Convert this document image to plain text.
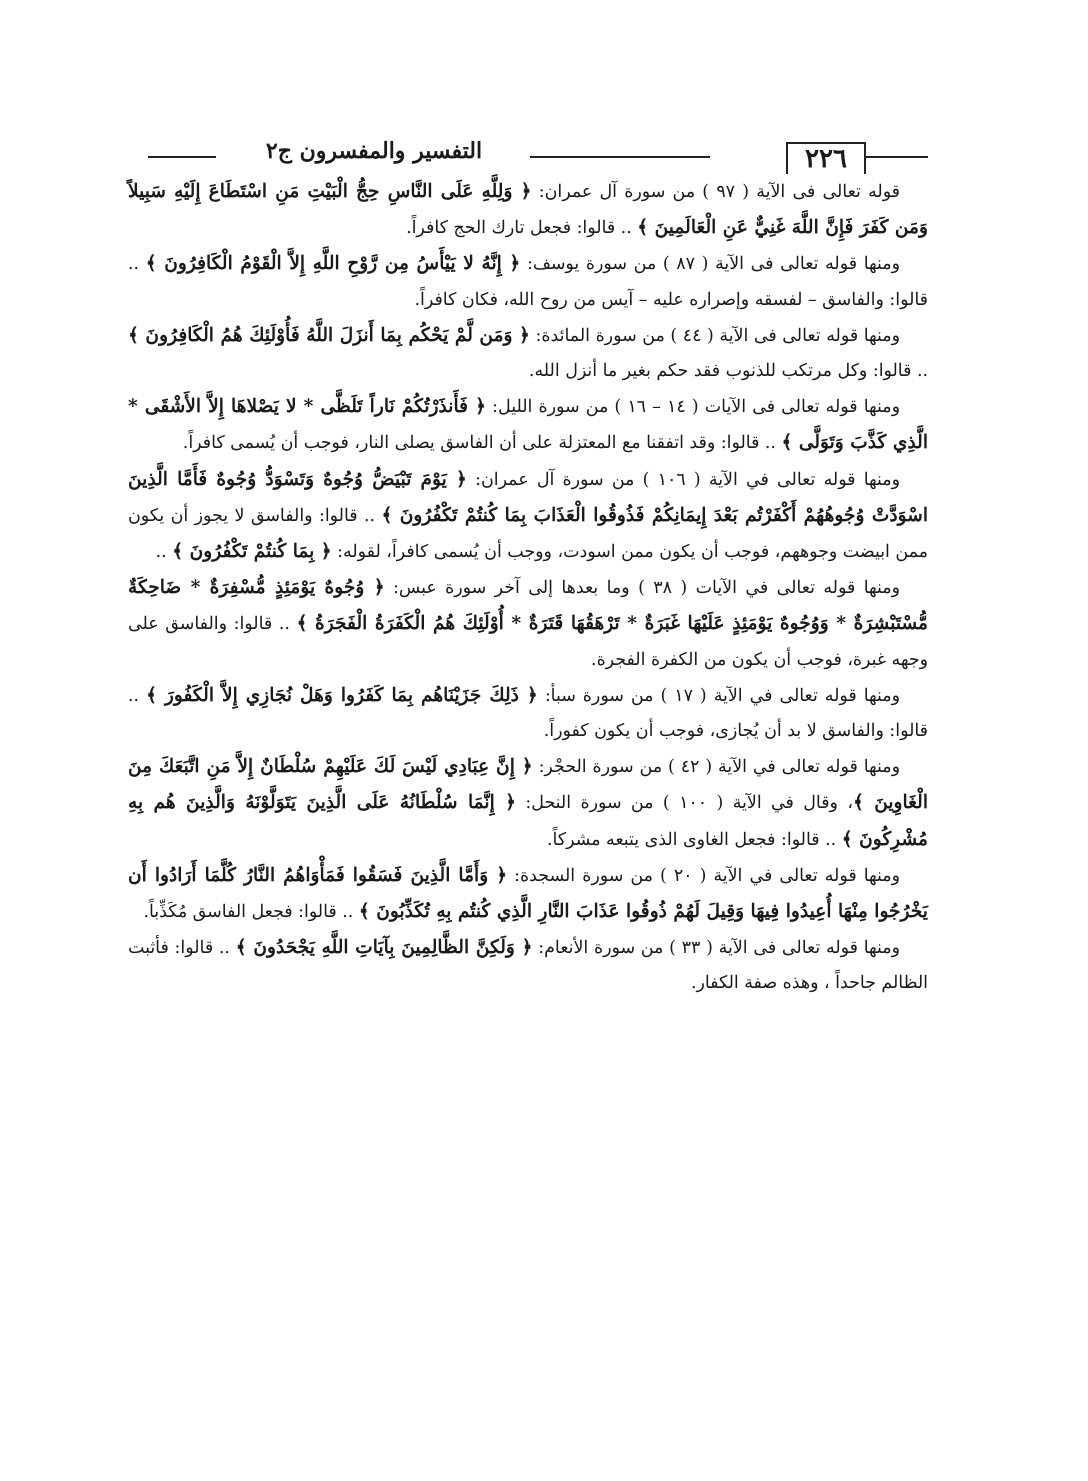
٢٢٦
التفسير والمفسرون ج٢

قوله تعالى فى الآية ( ٩٧ ) من سورة آل عمران: ﴿ وَلِلَّهِ عَلَى النَّاسِ حِجُّ الْبَيْتِ مَنِ اسْتَطَاعَ إِلَيْهِ سَبِيلاً وَمَن كَفَرَ فَإِنَّ اللَّهَ غَنِيٌّ عَنِ الْعَالَمِينَ ﴾ .. قالوا: فجعل تارك الحج كافراً.

ومنها قوله تعالى فى الآية ( ٨٧ ) من سورة يوسف: ﴿ إِنَّهُ لا يَيْأَسُ مِن رَّوْحِ اللَّهِ إِلاَّ الْقَوْمُ الْكَافِرُونَ ﴾ .. قالوا: والفاسق – لفسقه وإصراره عليه – آيس من روح الله، فكان كافراً.

ومنها قوله تعالى فى الآية ( ٤٤ ) من سورة المائدة: ﴿ وَمَن لَّمْ يَحْكُم بِمَا أَنزَلَ اللَّهُ فَأُوْلَئِكَ هُمُ الْكَافِرُونَ ﴾ .. قالوا: وكل مرتكب للذنوب فقد حكم بغير ما أنزل الله.

ومنها قوله تعالى فى الآيات ( ١٤ – ١٦ ) من سورة الليل: ﴿ فَأَنذَرْتُكُمْ نَاراً تَلَظَّى * لا يَصْلاهَا إِلاَّ الأَشْقَى * الَّذِي كَذَّبَ وَتَوَلَّى ﴾ .. قالوا: وقد اتفقنا مع المعتزلة على أن الفاسق يصلى النار، فوجب أن يُسمى كافراً.

ومنها قوله تعالى في الآية ( ١٠٦ ) من سورة آل عمران: ﴿ يَوْمَ تَبْيَضُّ وُجُوهٌ وَتَسْوَدُّ وُجُوهٌ فَأَمَّا الَّذِينَ اسْوَدَّتْ وُجُوهُهُمْ أَكْفَرْتُم بَعْدَ إِيمَانِكُمْ فَذُوقُوا الْعَذَابَ بِمَا كُنتُمْ تَكْفُرُونَ ﴾ .. قالوا: والفاسق لا يجوز أن يكون ممن ابيضت وجوههم، فوجب أن يكون ممن اسودت، ووجب أن يُسمى كافراً، لقوله: ﴿ بِمَا كُنتُمْ تَكْفُرُونَ ﴾ ..

ومنها قوله تعالى في الآيات ( ٣٨ ) وما بعدها إلى آخر سورة عبس: ﴿ وُجُوهٌ يَوْمَئِذٍ مُّسْفِرَةٌ * ضَاحِكَةٌ مُّسْتَبْشِرَةٌ * وَوُجُوهٌ يَوْمَئِذٍ عَلَيْهَا غَبَرَةٌ * تَرْهَقُهَا قَتَرَةٌ * أُوْلَئِكَ هُمُ الْكَفَرَةُ الْفَجَرَةُ ﴾ .. قالوا: والفاسق على وجهه غبرة، فوجب أن يكون من الكفرة الفجرة.

ومنها قوله تعالى في الآية ( ١٧ ) من سورة سبأ: ﴿ ذَلِكَ جَزَيْنَاهُم بِمَا كَفَرُوا وَهَلْ نُجَازِي إِلاَّ الْكَفُورَ ﴾ .. قالوا: والفاسق لا بد أن يُجازى، فوجب أن يكون كفوراً.

ومنها قوله تعالى في الآية ( ٤٢ ) من سورة الحجْر: ﴿ إِنَّ عِبَادِي لَيْسَ لَكَ عَلَيْهِمْ سُلْطَانٌ إِلاَّ مَنِ اتَّبَعَكَ مِنَ الْغَاوِينَ ﴾، وقال في الآية ( ١٠٠ ) من سورة النحل: ﴿ إِنَّمَا سُلْطَانُهُ عَلَى الَّذِينَ يَتَوَلَّوْنَهُ وَالَّذِينَ هُم بِهِ مُشْرِكُونَ ﴾ .. قالوا: فجعل الغاوى الذى يتبعه مشركاً.

ومنها قوله تعالى في الآية ( ٢٠ ) من سورة السجدة: ﴿ وَأَمَّا الَّذِينَ فَسَقُوا فَمَأْوَاهُمُ النَّارُ كُلَّمَا أَرَادُوا أَن يَخْرُجُوا مِنْهَا أُعِيدُوا فِيهَا وَقِيلَ لَهُمْ ذُوقُوا عَذَابَ النَّارِ الَّذِي كُنتُم بِهِ تُكَذِّبُونَ ﴾ .. قالوا: فجعل الفاسق مُكَذِّباً.

ومنها قوله تعالى فى الآية ( ٣٣ ) من سورة الأنعام: ﴿ وَلَكِنَّ الظَّالِمِينَ بِآيَاتِ اللَّهِ يَجْحَدُونَ ﴾ .. قالوا: فأثبت الظالم جاحداً ، وهذه صفة الكفار.
